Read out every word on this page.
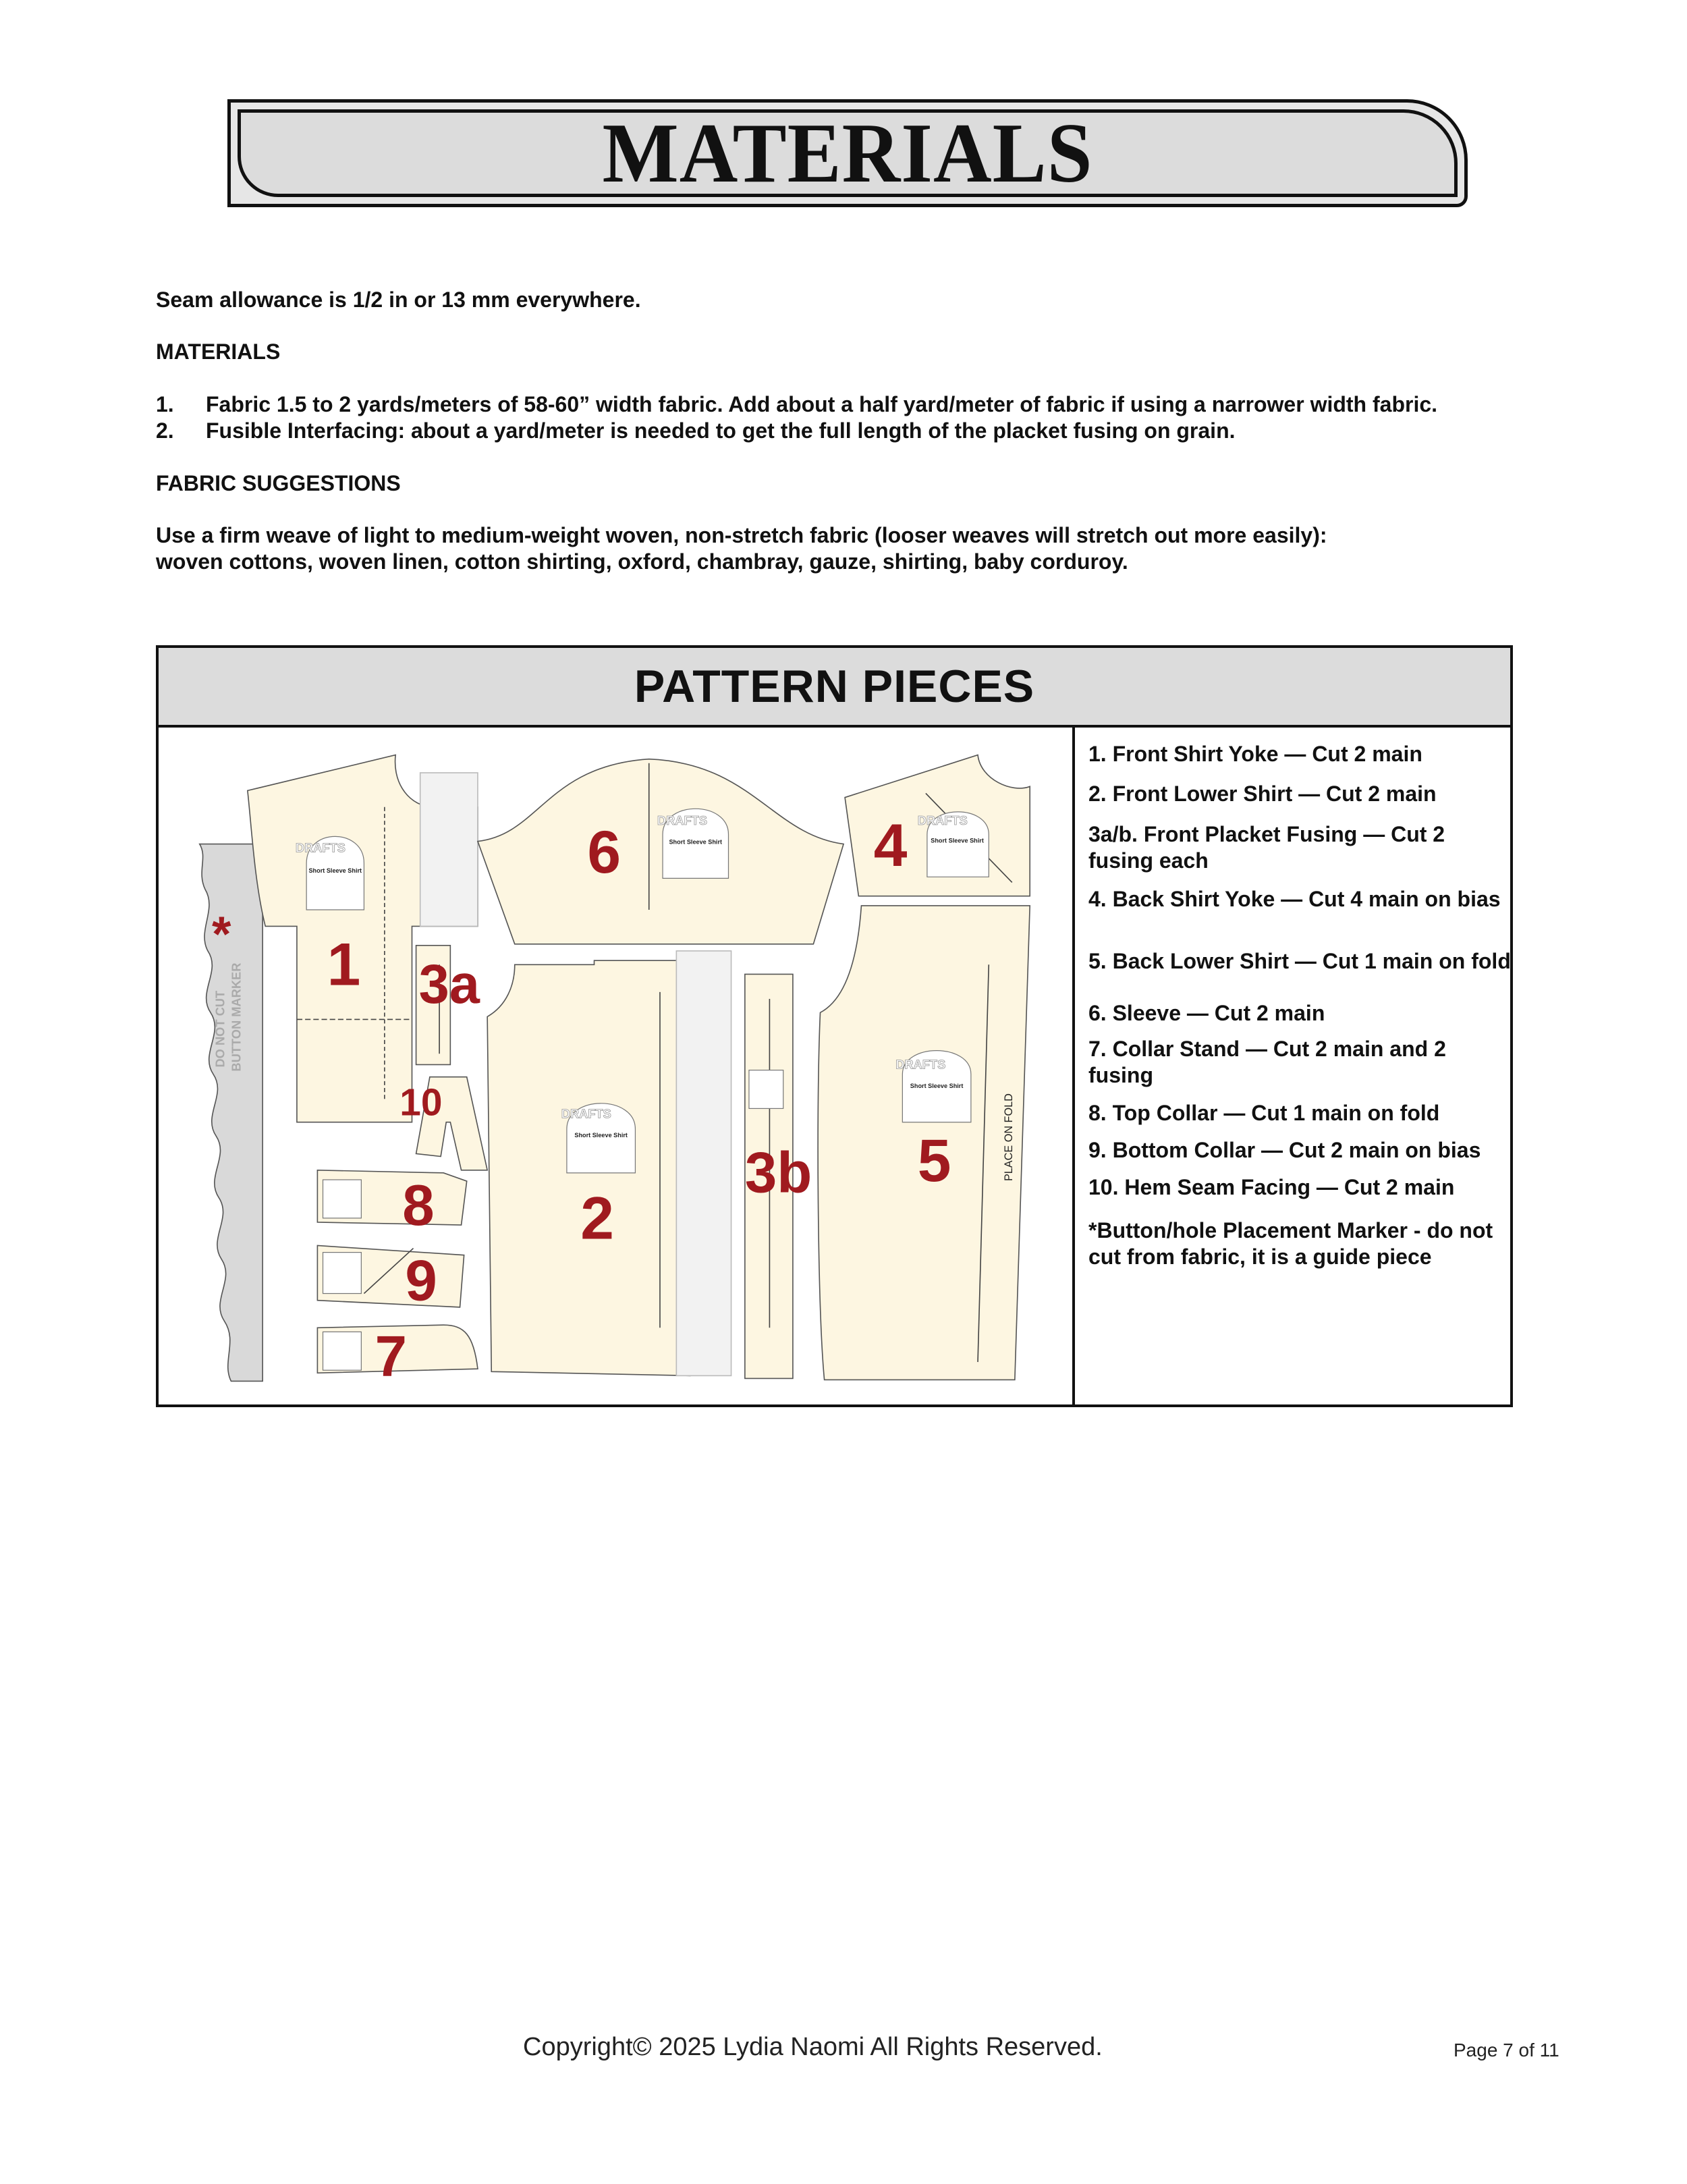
MATERIALS
Seam allowance is 1/2 in or 13 mm everywhere.
MATERIALS
1. Fabric 1.5 to 2 yards/meters of 58-60” width fabric. Add about a half yard/meter of fabric if using a narrower width fabric.
2. Fusible Interfacing: about a yard/meter is needed to get the full length of the placket fusing on grain.
FABRIC SUGGESTIONS
Use a firm weave of light to medium-weight woven, non-stretch fabric (looser weaves will stretch out more easily):
woven cottons, woven linen, cotton shirting, oxford, chambray, gauze, shirting, baby corduroy.
PATTERN PIECES
DRAFTS
DRAFTS	DRAFTS
DRAFTS
DRAFTS
Short Sleeve Shirt
Short Sleeve Shirt	Short Sleeve Shirt
Short Sleeve Shirt
Short Sleeve Shirt
*
DO NOT CUT BUTTON MARKER
PLACE ON FOLD
1 3a
10
8
9
7
6	4
2
3b	5
1. Front Shirt Yoke — Cut 2 main
2. Front Lower Shirt — Cut 2 main
3a/b. Front Placket Fusing — Cut 2 fusing each
4. Back Shirt Yoke — Cut 4 main on bias
5. Back Lower Shirt — Cut 1 main on fold
6. Sleeve — Cut 2 main
7. Collar Stand — Cut 2 main and 2 fusing
8. Top Collar — Cut 1 main on fold
9. Bottom Collar — Cut 2 main on bias
10. Hem Seam Facing — Cut 2 main
*Button/hole Placement Marker - do not cut from fabric, it is a guide piece
Copyright© 2025 Lydia Naomi All Rights Reserved.	Page 7 of 11
